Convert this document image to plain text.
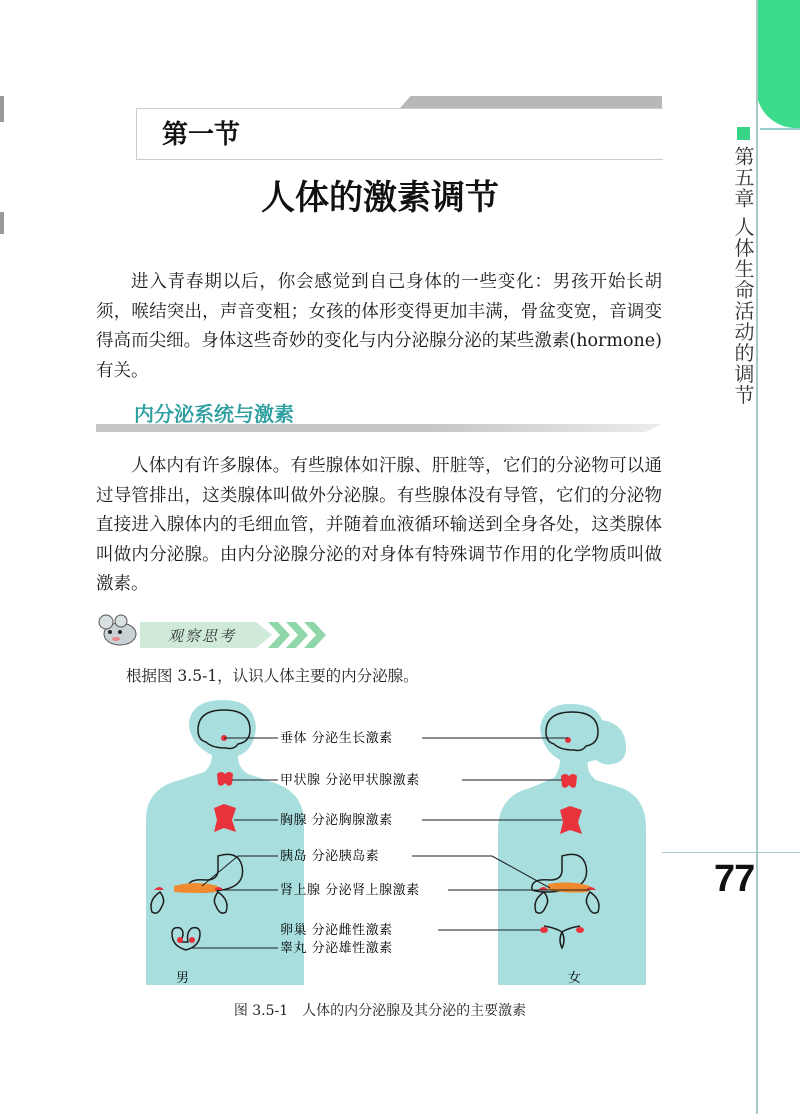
第五章 人体生命活动的调节
77
第一节
人体的激素调节

进入青春期以后，你会感觉到自己身体的一些变化：男孩开始长胡须，喉结突出，声音变粗；女孩的体形变得更加丰满，骨盆变宽，音调变得高而尖细。身体这些奇妙的变化与内分泌腺分泌的某些激素(hormone)有关。

内分泌系统与激素

人体内有许多腺体。有些腺体如汗腺、肝脏等，它们的分泌物可以通过导管排出，这类腺体叫做外分泌腺。有些腺体没有导管，它们的分泌物直接进入腺体内的毛细血管，并随着血液循环输送到全身各处，这类腺体叫做内分泌腺。由内分泌腺分泌的对身体有特殊调节作用的化学物质叫做激素。

观察思考
根据图 3.5-1，认识人体主要的内分泌腺。
垂体 分泌生长激素
甲状腺 分泌甲状腺激素
胸腺 分泌胸腺激素
胰岛 分泌胰岛素
肾上腺 分泌肾上腺激素
卵巢 分泌雌性激素
睾丸 分泌雄性激素
男	女
图 3.5-1　人体的内分泌腺及其分泌的主要激素
